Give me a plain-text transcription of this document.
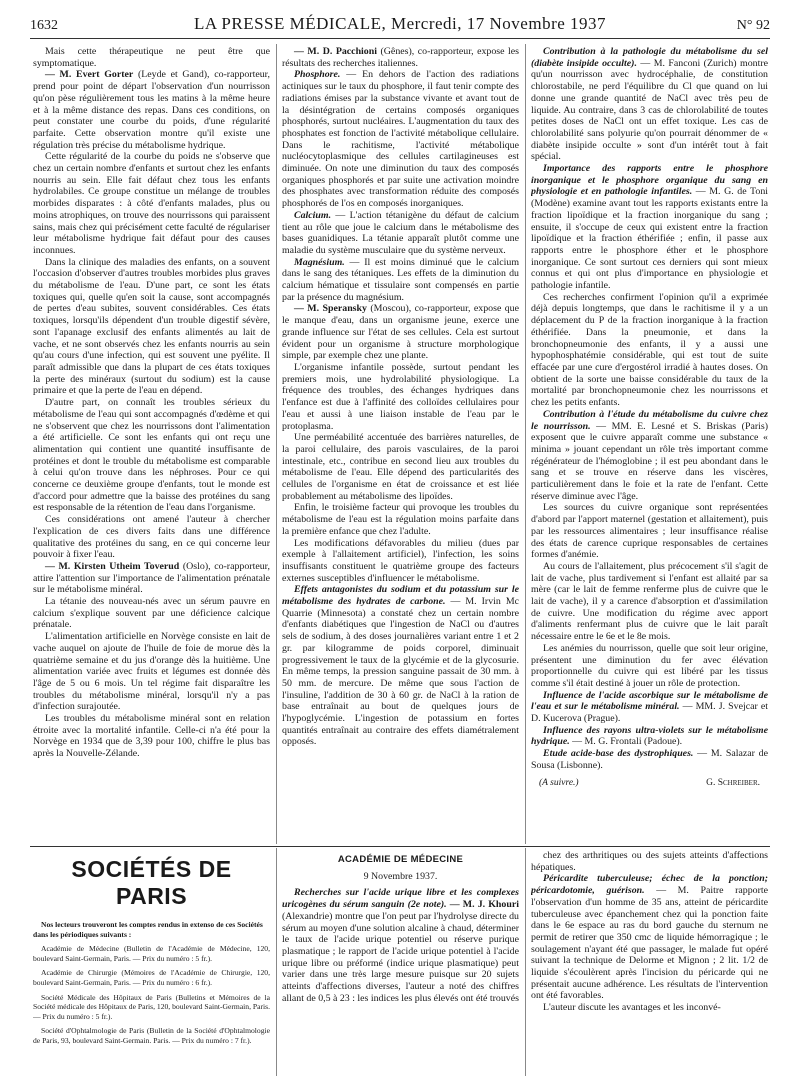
1632	LA PRESSE MÉDICALE, Mercredi, 17 Novembre 1937	N° 92

Mais cette thérapeutique ne peut être que symptomatique.

— M. Evert Gorter (Leyde et Gand), co-rapporteur, prend pour point de départ l'observation d'un nourrisson qu'on pèse régulièrement tous les matins à la même heure et à la même distance des repas. Dans ces conditions, on peut constater une courbe du poids, d'une régularité parfaite. Cette observation montre qu'il existe une régulation très précise du métabolisme hydrique.

Cette régularité de la courbe du poids ne s'observe que chez un certain nombre d'enfants et surtout chez les enfants nourris au sein. Elle fait défaut chez tous les enfants hydrolabiles. Ce groupe constitue un mélange de troubles morbides disparates : à côté d'enfants malades, plus ou moins atrophiques, on trouve des nourrissons qui paraissent sains, mais chez qui précisément cette faculté de régulariser leur métabolisme hydrique fait défaut pour des causes inconnues.

Dans la clinique des maladies des enfants, on a souvent l'occasion d'observer d'autres troubles morbides plus graves du métabolisme de l'eau. D'une part, ce sont les états toxiques qui, quelle qu'en soit la cause, sont accompagnés de pertes d'eau subites, souvent considérables. Ces états toxiques, lorsqu'ils dépendent d'un trouble digestif sévère, sont l'apanage exclusif des enfants alimentés au lait de vache, et ne sont observés chez les enfants nourris au sein qu'au cours d'une infection, qui est souvent une pyélite. Il paraît admissible que dans la plupart de ces états toxiques la perte des minéraux (surtout du sodium) est la cause primaire et que la perte de l'eau en dépend.

D'autre part, on connaît les troubles sérieux du métabolisme de l'eau qui sont accompagnés d'œdème et qui ne s'observent que chez les nourrissons dont l'alimentation a été artificielle. Ce sont les enfants qui ont reçu une alimentation qui contient une quantité insuffisante de protéines et dont le trouble du métabolisme est comparable à celui qu'on trouve dans les néphroses. Pour ce qui concerne ce deuxième groupe d'enfants, tout le monde est d'accord pour admettre que la baisse des protéines du sang est responsable de la rétention de l'eau dans l'organisme.

Ces considérations ont amené l'auteur à chercher l'explication de ces divers faits dans une différence qualitative des protéines du sang, en ce qui concerne leur pouvoir à fixer l'eau.

— M. Kirsten Utheim Toverud (Oslo), co-rapporteur, attire l'attention sur l'importance de l'alimentation prénatale sur le métabolisme minéral.

La tétanie des nouveau-nés avec un sérum pauvre en calcium s'explique souvent par une déficience calcique prénatale.

L'alimentation artificielle en Norvège consiste en lait de vache auquel on ajoute de l'huile de foie de morue dès la quatrième semaine et du jus d'orange dès la huitième. Une alimentation variée avec fruits et légumes est donnée dès l'âge de 5 ou 6 mois. Un tel régime fait disparaître les troubles du métabolisme minéral, lorsqu'il n'y a pas d'infection surajoutée.

Les troubles du métabolisme minéral sont en relation étroite avec la mortalité infantile. Celle-ci n'a été pour la Norvège en 1934 que de 3,39 pour 100, chiffre le plus bas après la Nouvelle-Zélande.

— M. D. Pacchioni (Gênes), co-rapporteur, expose les résultats des recherches italiennes.

Phosphore. — En dehors de l'action des radiations actiniques sur le taux du phosphore, il faut tenir compte des radiations émises par la substance vivante et avant tout de la désintégration de certains composés organiques phosphorés, surtout nucléaires. L'augmentation du taux des phosphates est fonction de l'activité métabolique cellulaire. Dans le rachitisme, l'activité métabolique nucléocytoplasmique des cellules cartilagineuses est diminuée. On note une diminution du taux des composés organiques phosphorés et par suite une activation moindre des phosphates avec transformation réduite des composés phosphorés de l'os en composés inorganiques.

Calcium. — L'action tétanigène du défaut de calcium tient au rôle que joue le calcium dans le métabolisme des bases guanidiques. La tétanie apparaît plutôt comme une maladie du système musculaire que du système nerveux.

Magnésium. — Il est moins diminué que le calcium dans le sang des tétaniques. Les effets de la diminution du calcium hématique et tissulaire sont compensés en partie par la présence du magnésium.

— M. Speransky (Moscou), co-rapporteur, expose que le manque d'eau, dans un organisme jeune, exerce une grande influence sur l'état de ses cellules. Cela est surtout évident pour un organisme à structure morphologique simple, par exemple chez une plante.

L'organisme infantile possède, surtout pendant les premiers mois, une hydrolabilité physiologique. La fréquence des troubles, des échanges hydriques dans l'enfance est due à l'affinité des colloïdes cellulaires pour l'eau et aussi à une liaison instable de l'eau par le protoplasma.

Une perméabilité accentuée des barrières naturelles, de la paroi cellulaire, des parois vasculaires, de la paroi intestinale, etc., contribue en second lieu aux troubles du métabolisme de l'eau. Elle dépend des particularités des cellules de l'organisme en état de croissance et est liée probablement au métabolisme des lipoïdes.

Enfin, le troisième facteur qui provoque les troubles du métabolisme de l'eau est la régulation moins parfaite dans la première enfance que chez l'adulte.

Les modifications défavorables du milieu (dues par exemple à l'allaitement artificiel), l'infection, les soins insuffisants constituent le quatrième groupe des facteurs externes susceptibles d'influencer le métabolisme.

Effets antagonistes du sodium et du potassium sur le métabolisme des hydrates de carbone. — M. Irvin Mc Quarrie (Minnesota) a constaté chez un certain nombre d'enfants diabétiques que l'ingestion de NaCl ou d'autres sels de sodium, à des doses journalières variant entre 1 et 2 gr. par kilogramme de poids corporel, diminuait progressivement le taux de la glycémie et de la glycosurie. En même temps, la pression sanguine passait de 30 mm. à 50 mm. de mercure. De même que sous l'action de l'insuline, l'addition de 30 à 60 gr. de NaCl à la ration de base entraînait au bout de quelques jours de l'hypoglycémie. L'ingestion de potassium en fortes quantités entraînait au contraire des effets diamétralement opposés.

Contribution à la pathologie du métabolisme du sel (diabète insipide occulte). — M. Fanconi (Zurich) montre qu'un nourrisson avec hydrocéphalie, de constitution chlorostabile, ne perd l'équilibre du Cl que quand on lui donne une grande quantité de NaCl avec très peu de liquide. Au contraire, dans 3 cas de chlorolabilité de toutes petites doses de NaCl ont un effet toxique. Les cas de chlorolabilité sans polyurie qu'on pourrait dénommer de « diabète insipide occulte » sont d'un intérêt tout à fait spécial.

Importance des rapports entre le phosphore inorganique et le phosphore organique du sang en physiologie et en pathologie infantiles. — M. G. de Toni (Modène) examine avant tout les rapports existants entre la fraction lipoïdique et la fraction inorganique du sang ; ensuite, il s'occupe de ceux qui existent entre la fraction lipoïdique et la fraction éthérifiée ; enfin, il passe aux rapports entre le phosphore éther et le phosphore inorganique. Ce sont surtout ces derniers qui sont mieux connus et qui ont plus d'importance en physiologie et pathologie infantile.

Ces recherches confirment l'opinion qu'il a exprimée déjà depuis longtemps, que dans le rachitisme il y a un déplacement du P de la fraction inorganique à la fraction éthérifiée. Dans la pneumonie, et dans la bronchopneumonie des enfants, il y a aussi une hypophosphatémie considérable, qui est tout de suite effacée par une cure d'ergostérol irradié à hautes doses. On obtient de la sorte une baisse considérable du taux de la mortalité par bronchopneumonie chez les nourrissons et chez les petits enfants.

Contribution à l'étude du métabolisme du cuivre chez le nourrisson. — MM. E. Lesné et S. Briskas (Paris) exposent que le cuivre apparaît comme une substance « minima » jouant cependant un rôle très important comme régénérateur de l'hémoglobine ; il est peu abondant dans le sang et se trouve en réserve dans les viscères, particulièrement dans le foie et la rate de l'enfant. Cette réserve diminue avec l'âge.

Les sources du cuivre organique sont représentées d'abord par l'apport maternel (gestation et allaitement), puis par les ressources alimentaires ; leur insuffisance réalise des états de carence cuprique responsables de certaines formes d'anémie.

Au cours de l'allaitement, plus précocement s'il s'agit de lait de vache, plus tardivement si l'enfant est allaité par sa mère (car le lait de femme renferme plus de cuivre que le lait de vache), il y a carence d'absorption et d'assimilation de cuivre. Une modification du régime avec apport d'aliments renfermant plus de cuivre que le lait paraît nécessaire entre le 6e et le 8e mois.

Les anémies du nourrisson, quelle que soit leur origine, présentent une diminution du fer avec élévation proportionnelle du cuivre qui est libéré par les tissus comme s'il était destiné à jouer un rôle de protection.

Influence de l'acide ascorbique sur le métabolisme de l'eau et sur le métabolisme minéral. — MM. J. Svejcar et D. Kucerova (Prague).

Influence des rayons ultra-violets sur le métabolisme hydrique. — M. G. Frontali (Padoue).

Etude acide-base des dystrophiques. — M. Salazar de Sousa (Lisbonne).

(A suivre.)	G. Schreiber.
SOCIÉTÉS DE PARIS

Nos lecteurs trouveront les comptes rendus in extenso de ces Sociétés dans les périodiques suivants :

Académie de Médecine (Bulletin de l'Académie de Médecine, 120, boulevard Saint-Germain, Paris. — Prix du numéro : 5 fr.).

Académie de Chirurgie (Mémoires de l'Académie de Chirurgie, 120, boulevard Saint-Germain, Paris. — Prix du numéro : 6 fr.).

Société Médicale des Hôpitaux de Paris (Bulletins et Mémoires de la Société médicale des Hôpitaux de Paris, 120, boulevard Saint-Germain, Paris. — Prix du numéro : 5 fr.).

Société d'Ophtalmologie de Paris (Bulletin de la Société d'Ophtalmologie de Paris, 93, boulevard Saint-Germain. Paris. — Prix du numéro : 7 fr.).

ACADÉMIE DE MÉDECINE
9 Novembre 1937.

Recherches sur l'acide urique libre et les complexes uricogènes du sérum sanguin (2e note). — M. J. Khouri (Alexandrie) montre que l'on peut par l'hydrolyse directe du sérum au moyen d'une solution alcaline à chaud, déterminer le taux de l'acide urique potentiel ou réserve purique plasmatique ; le rapport de l'acide urique potentiel à l'acide urique libre ou préformé (indice urique plasmatique) peut varier dans une très large mesure puisque sur 20 sujets atteints d'affections diverses, l'auteur a noté des chiffres allant de 0,5 à 23 : les indices les plus élevés ont été trouvés

chez des arthritiques ou des sujets atteints d'affections hépatiques.

Péricardite tuberculeuse; échec de la ponction; péricardotomie, guérison. — M. Paitre rapporte l'observation d'un homme de 35 ans, atteint de péricardite tuberculeuse avec épanchement chez qui la ponction faite dans le 6e espace au ras du bord gauche du sternum ne permit de retirer que 350 cmc de liquide hémorragique ; le soulagement n'ayant été que passager, le malade fut opéré suivant la technique de Delorme et Mignon ; 2 lit. 1/2 de liquide s'écoulèrent après l'incision du péricarde qui ne présentait aucune adhérence. Les résultats de l'intervention ont été favorables.

L'auteur discute les avantages et les inconvé-
